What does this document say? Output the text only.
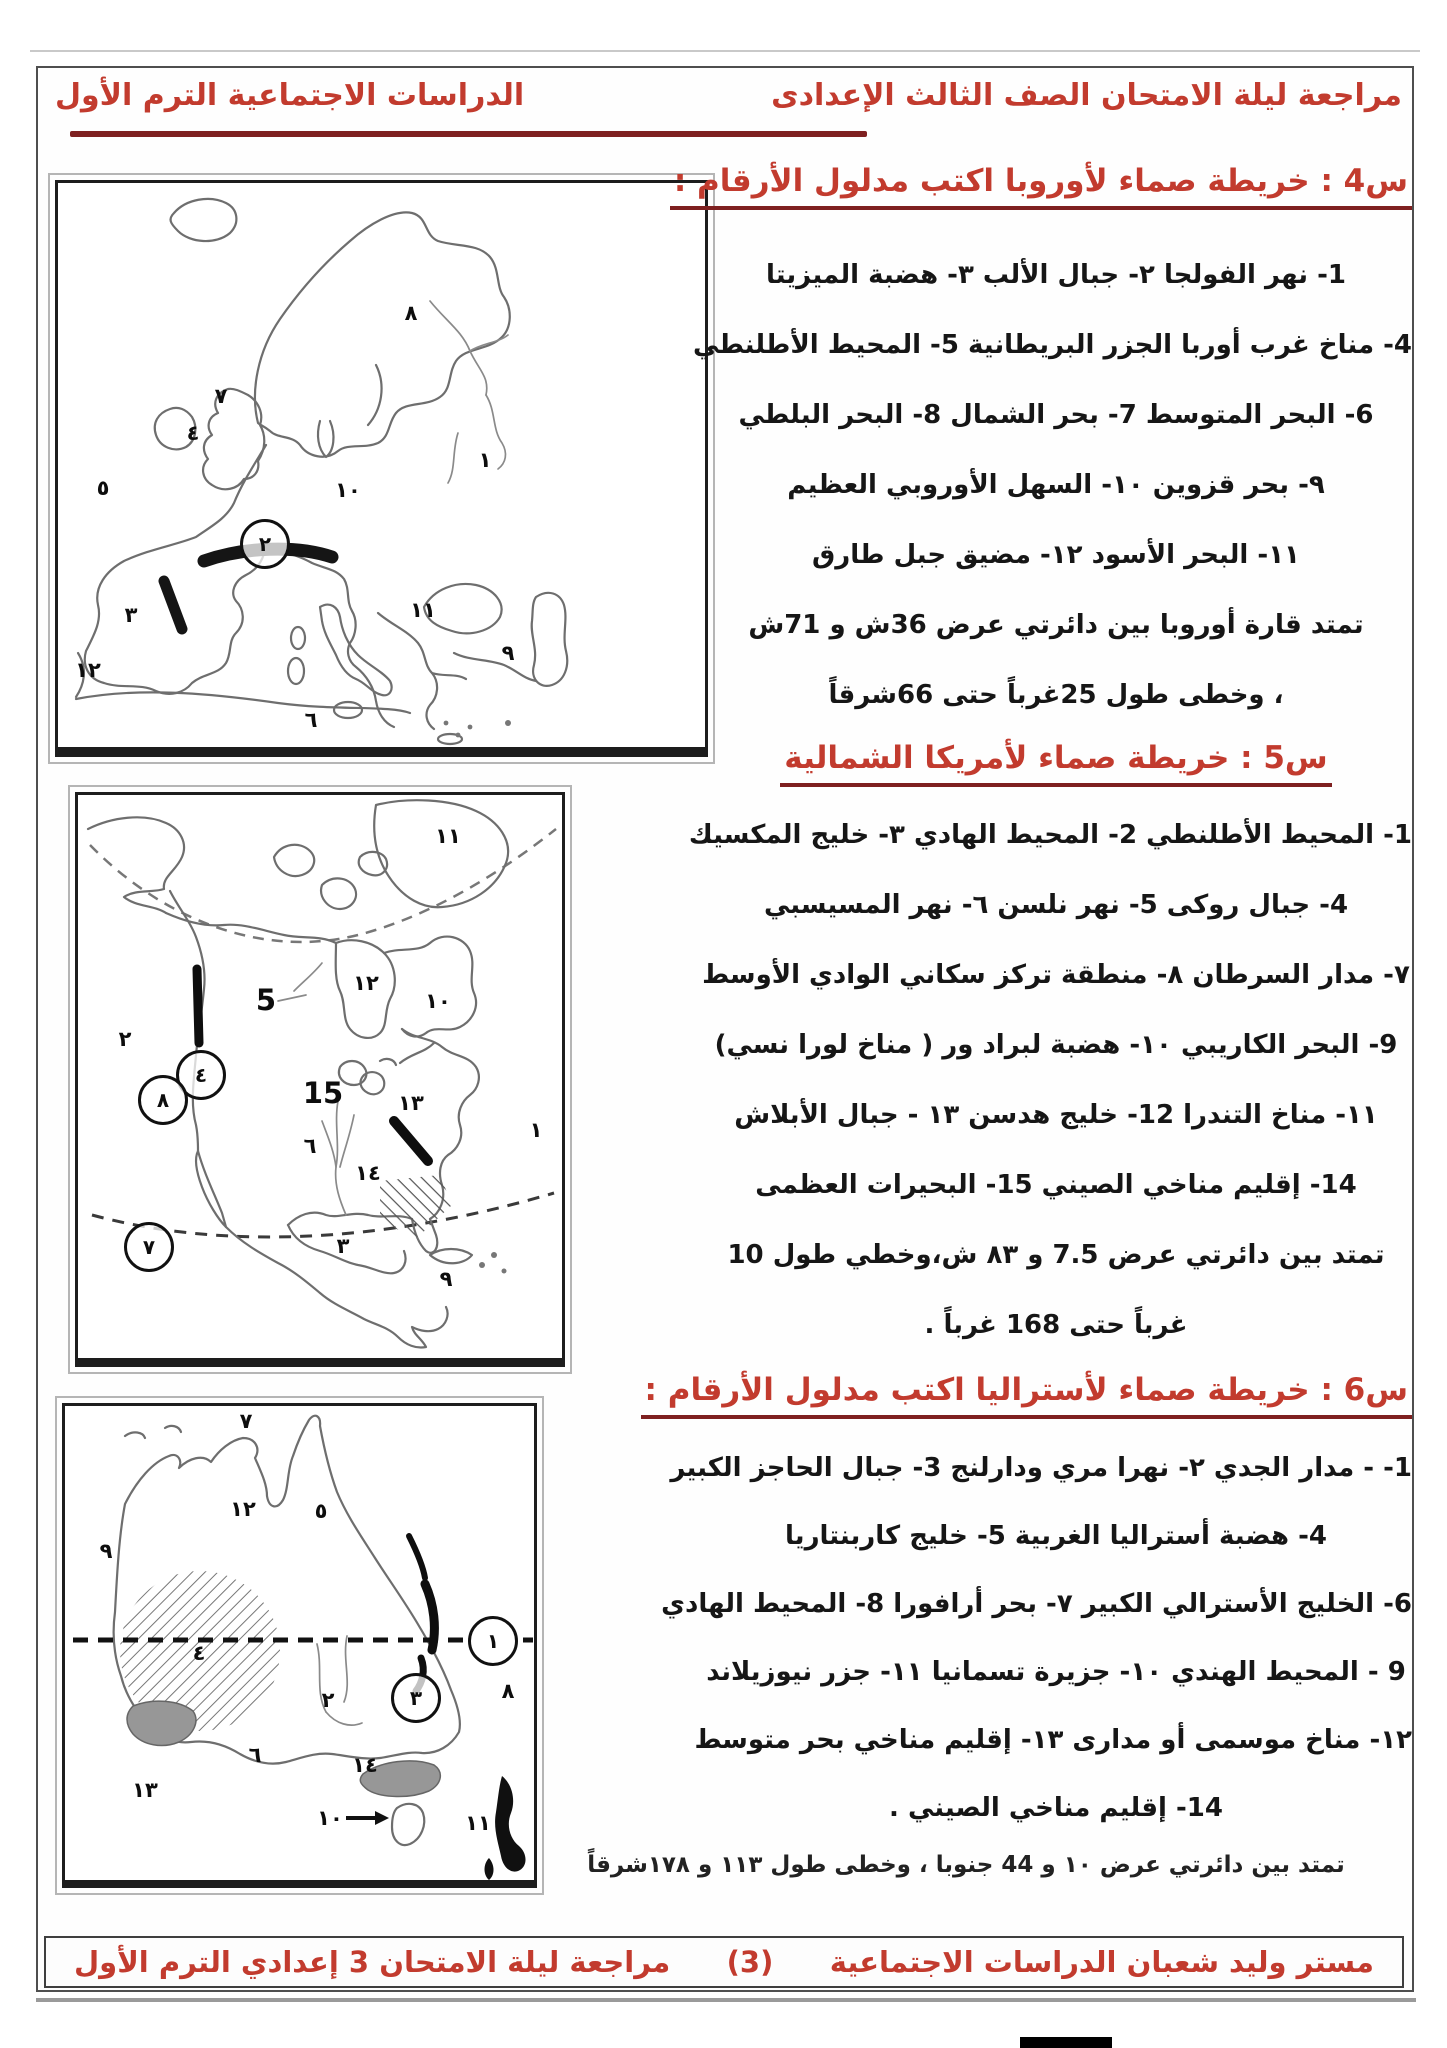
مراجعة ليلة الامتحان الصف الثالث الإعدادى
الدراسات الاجتماعية الترم الأول
١
٢
٣
٤
٥
٦
٧
٨
٩
١٠
١١
١٢
١
٢
٣
٤
5
٦
٧
٨
٩
١٠
١١
١٢
١٣
١٤
15
١
٢	٣
٤
٥
٦
٧
٨
٩
١٠	١١
١٢
١٣
١٤
س4 : خريطة صماء لأوروبا اكتب مدلول الأرقام :
1- نهر الفولجا ٢- جبال الألب ٣- هضبة الميزيتا
4- مناخ غرب أوربا الجزر البريطانية 5- المحيط الأطلنطي
6- البحر المتوسط 7- بحر الشمال 8- البحر البلطي
٩- بحر قزوين ١٠- السهل الأوروبي العظيم
١١- البحر الأسود ١٢- مضيق جبل طارق
تمتد قارة أوروبا بين دائرتي عرض 36ش و 71ش
، وخطى طول 25غرباً حتى 66شرقاً
س5 : خريطة صماء لأمريكا الشمالية
1- المحيط الأطلنطي 2- المحيط الهادي ٣- خليج المكسيك
4- جبال روكى 5- نهر نلسن ٦- نهر المسيسبي
٧- مدار السرطان ٨- منطقة تركز سكاني الوادي الأوسط
9- البحر الكاريبي ١٠- هضبة لبراد ور ( مناخ لورا نسي)
١١- مناخ التندرا 12- خليج هدسن ١٣ - جبال الأبلاش
14- إقليم مناخي الصيني 15- البحيرات العظمى
تمتد بين دائرتي عرض 7.5 و ٨٣ ش،وخطي طول 10
غرباً حتى 168 غرباً .
س6 : خريطة صماء لأستراليا اكتب مدلول الأرقام :
1- - مدار الجدي ٢- نهرا مري ودارلنج 3- جبال الحاجز الكبير
4- هضبة أستراليا الغربية 5- خليج كاربنتاريا
6- الخليج الأسترالي الكبير ٧- بحر أرافورا 8- المحيط الهادي
9 - المحيط الهندي ١٠- جزيرة تسمانيا ١١- جزر نيوزيلاند
١٢- مناخ موسمى أو مدارى ١٣- إقليم مناخي بحر متوسط
14- إقليم مناخي الصيني .
تمتد بين دائرتي عرض ١٠ و 44 جنوبا ، وخطى طول ١١٣ و ١٧٨شرقاً
مستر وليد شعبان الدراسات الاجتماعية
(3)
مراجعة ليلة الامتحان 3 إعدادي الترم الأول
